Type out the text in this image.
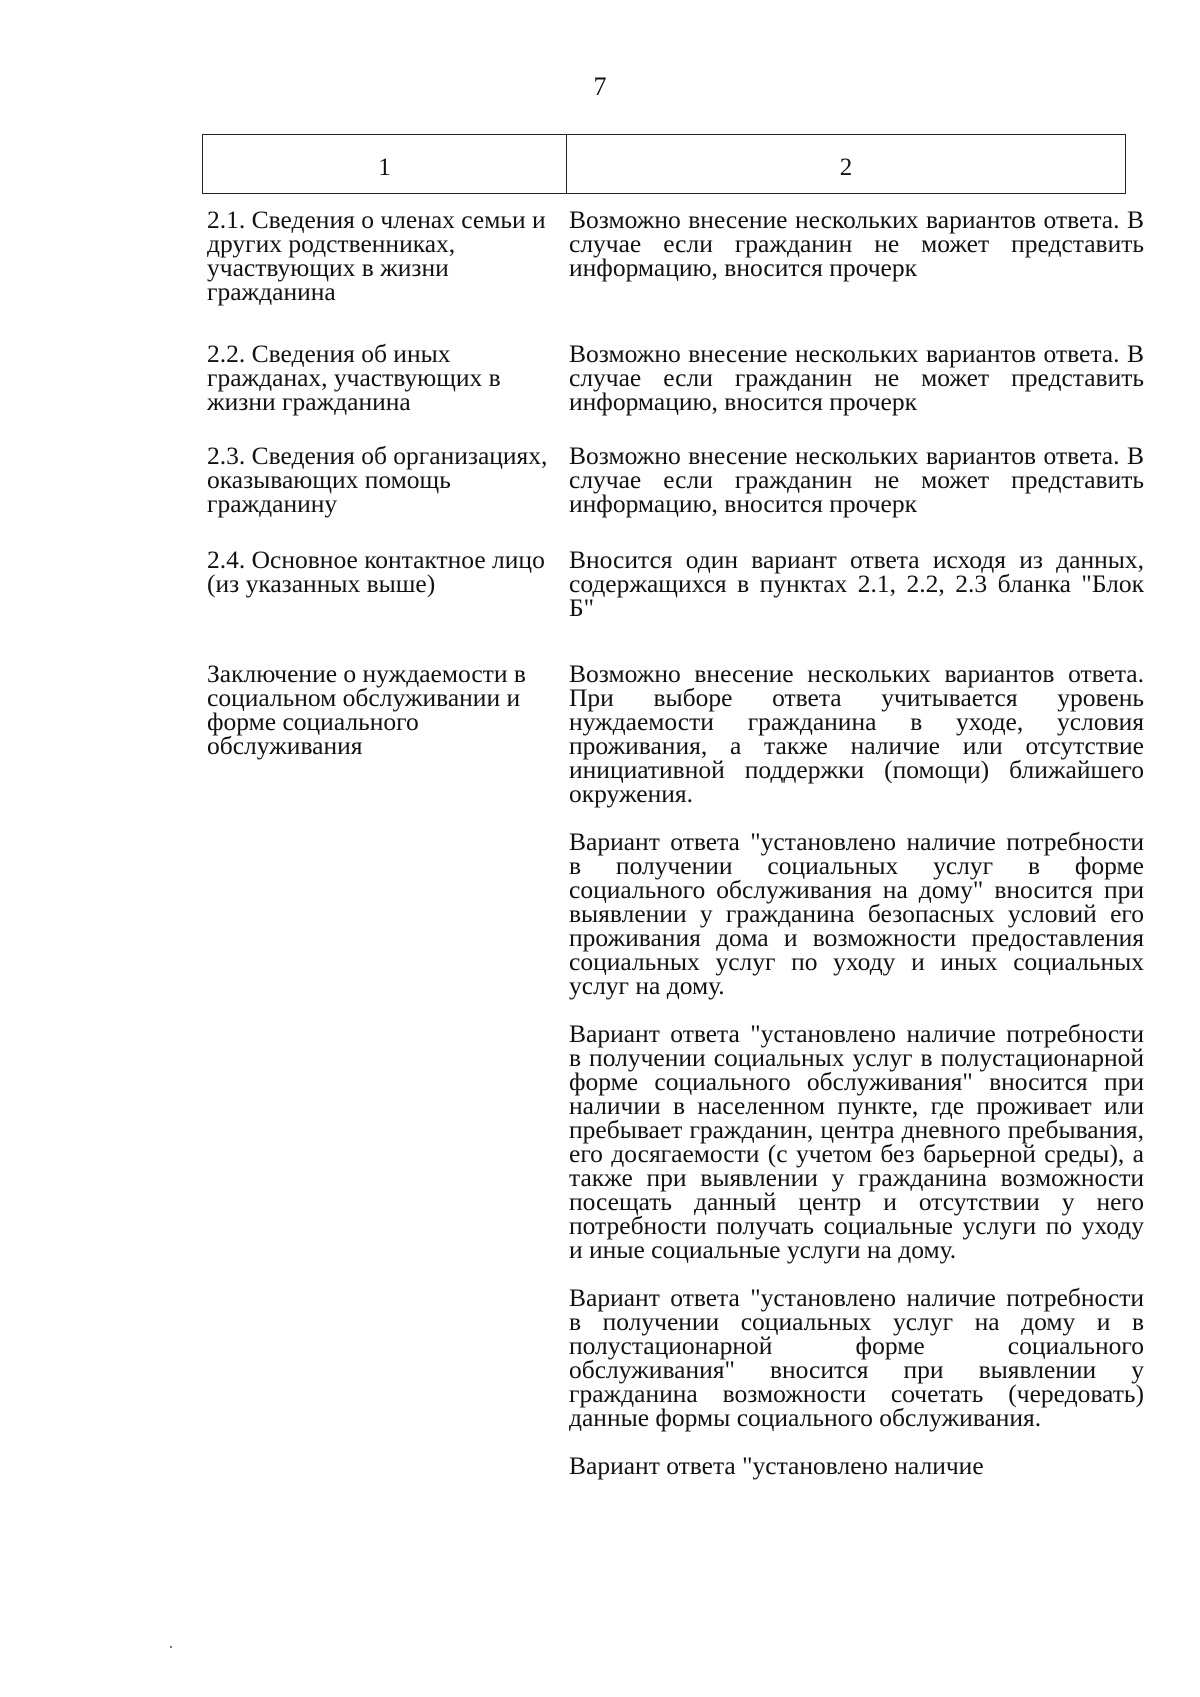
7
1	2
2.1. Сведения о членах семьи и других родственниках, участвующих в жизни гражданина
Возможно внесение нескольких вариантов ответа. В случае если гражданин не может представить информацию, вносится прочерк
2.2. Сведения об иных гражданах, участвующих в жизни гражданина
Возможно внесение нескольких вариантов ответа. В случае если гражданин не может представить информацию, вносится прочерк
2.3. Сведения об организациях, оказывающих помощь гражданину
Возможно внесение нескольких вариантов ответа. В случае если гражданин не может представить информацию, вносится прочерк
2.4. Основное контактное лицо (из указанных выше)
Вносится один вариант ответа исходя из данных, содержащихся в пунктах 2.1, 2.2, 2.3 бланка "Блок Б"
Заключение о нуждаемости в социальном обслуживании и форме социального обслуживания
Возможно внесение нескольких вариантов ответа. При выборе ответа учитывается уровень нуждаемости гражданина в уходе, условия проживания, а также наличие или отсутствие инициативной поддержки (помощи) ближайшего окружения.
Вариант ответа "установлено наличие потребности в получении социальных услуг в форме социального обслуживания на дому" вносится при выявлении у гражданина безопасных условий его проживания дома и возможности предоставления социальных услуг по уходу и иных социальных услуг на дому.
Вариант ответа "установлено наличие потребности в получении социальных услуг в полустационарной форме социального обслуживания" вносится при наличии в населенном пункте, где проживает или пребывает гражданин, центра дневного пребывания, его досягаемости (с учетом без барьерной среды), а также при выявлении у гражданина возможности посещать данный центр и отсутствии у него потребности получать социальные услуги по уходу и иные социальные услуги на дому.
Вариант ответа "установлено наличие потребности в получении социальных услуг на дому и в полустационарной форме социального обслуживания" вносится при выявлении у гражданина возможности сочетать (чередовать) данные формы социального обслуживания.
Вариант ответа "установлено наличие
